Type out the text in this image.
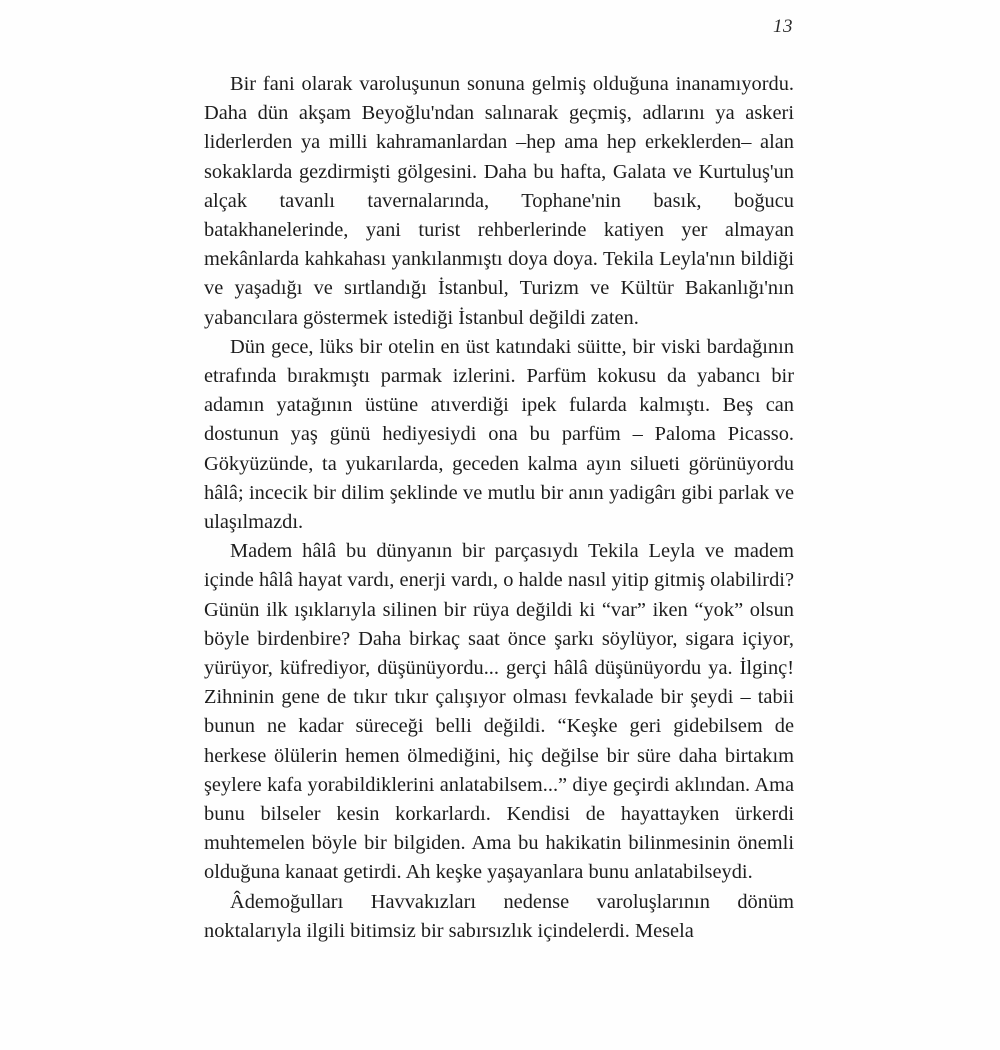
13

Bir fani olarak varoluşunun sonuna gelmiş olduğuna inanamıyordu. Daha dün akşam Beyoğlu'ndan salınarak geçmiş, adlarını ya askeri liderlerden ya milli kahramanlardan –hep ama hep erkeklerden– alan sokaklarda gezdirmişti gölgesini. Daha bu hafta, Galata ve Kurtuluş'un alçak tavanlı tavernalarında, Tophane'nin basık, boğucu batakhanelerinde, yani turist rehberlerinde katiyen yer almayan mekânlarda kahkahası yankılanmıştı doya doya. Tekila Leyla'nın bildiği ve yaşadığı ve sırtlandığı İstanbul, Turizm ve Kültür Bakanlığı'nın yabancılara göstermek istediği İstanbul değildi zaten.

Dün gece, lüks bir otelin en üst katındaki süitte, bir viski bardağının etrafında bırakmıştı parmak izlerini. Parfüm kokusu da yabancı bir adamın yatağının üstüne atıverdiği ipek fularda kalmıştı. Beş can dostunun yaş günü hediyesiydi ona bu parfüm – Paloma Picasso. Gökyüzünde, ta yukarılarda, geceden kalma ayın silueti görünüyordu hâlâ; incecik bir dilim şeklinde ve mutlu bir anın yadigârı gibi parlak ve ulaşılmazdı.

Madem hâlâ bu dünyanın bir parçasıydı Tekila Leyla ve madem içinde hâlâ hayat vardı, enerji vardı, o halde nasıl yitip gitmiş olabilirdi? Günün ilk ışıklarıyla silinen bir rüya değildi ki “var” iken “yok” olsun böyle birdenbire? Daha birkaç saat önce şarkı söylüyor, sigara içiyor, yürüyor, küfrediyor, düşünüyordu... gerçi hâlâ düşünüyordu ya. İlginç! Zihninin gene de tıkır tıkır çalışıyor olması fevkalade bir şeydi – tabii bunun ne kadar süreceği belli değildi. “Keşke geri gidebilsem de herkese ölülerin hemen ölmediğini, hiç değilse bir süre daha birtakım şeylere kafa yorabildiklerini anlatabilsem...” diye geçirdi aklından. Ama bunu bilseler kesin korkarlardı. Kendisi de hayattayken ürkerdi muhtemelen böyle bir bilgiden. Ama bu hakikatin bilinmesinin önemli olduğuna kanaat getirdi. Ah keşke yaşayanlara bunu anlatabilseydi.

Âdemoğulları Havvakızları nedense varoluşlarının dönüm noktalarıyla ilgili bitimsiz bir sabırsızlık içindelerdi. Mesela
